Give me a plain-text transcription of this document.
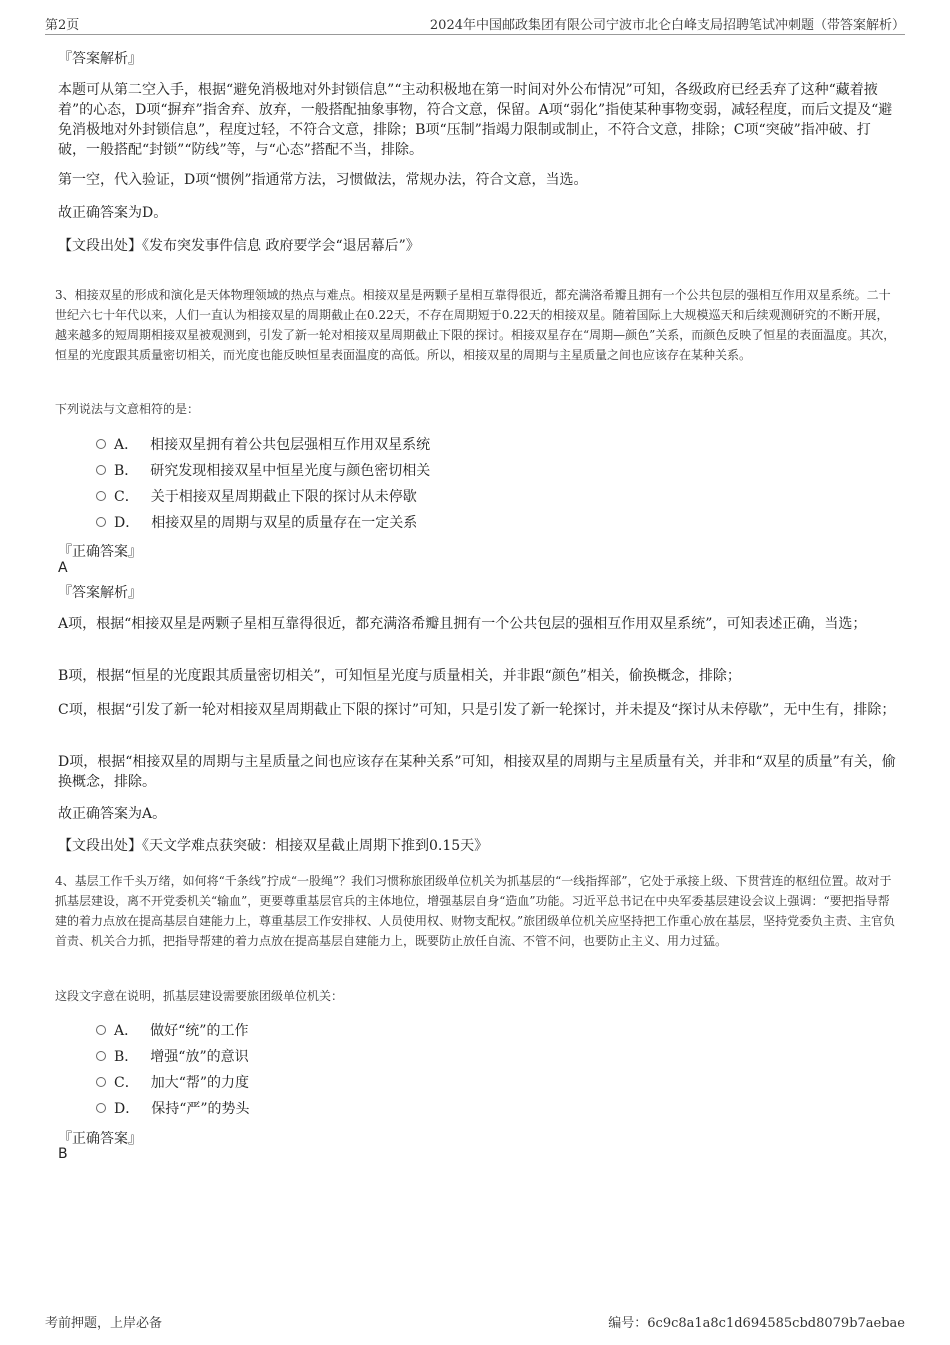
第2页	2024年中国邮政集团有限公司宁波市北仑白峰支局招聘笔试冲刺题（带答案解析）
『答案解析』
本题可从第二空入手，根据“避免消极地对外封锁信息”“主动积极地在第一时间对外公布情况”可知，各级政府已经丢弃了这种“藏着掖着”的心态，D项“摒弃”指舍弃、放弃，一般搭配抽象事物，符合文意，保留。A项“弱化”指使某种事物变弱，减轻程度，而后文提及“避免消极地对外封锁信息”，程度过轻，不符合文意，排除；B项“压制”指竭力限制或制止，不符合文意，排除；C项“突破”指冲破、打破，一般搭配“封锁”“防线”等，与“心态”搭配不当，排除。
第一空，代入验证，D项“惯例”指通常方法，习惯做法，常规办法，符合文意，当选。
故正确答案为D。
【文段出处】《发布突发事件信息 政府要学会“退居幕后”》
3、相接双星的形成和演化是天体物理领域的热点与难点。相接双星是两颗子星相互靠得很近，都充满洛希瓣且拥有一个公共包层的强相互作用双星系统。二十世纪六七十年代以来，人们一直认为相接双星的周期截止在0.22天，不存在周期短于0.22天的相接双星。随着国际上大规模巡天和后续观测研究的不断开展，越来越多的短周期相接双星被观测到，引发了新一轮对相接双星周期截止下限的探讨。相接双星存在“周期—颜色”关系，而颜色反映了恒星的表面温度。其次，恒星的光度跟其质量密切相关，而光度也能反映恒星表面温度的高低。所以，相接双星的周期与主星质量之间也应该存在某种关系。
下列说法与文意相符的是：
A． 相接双星拥有着公共包层强相互作用双星系统
B． 研究发现相接双星中恒星光度与颜色密切相关
C． 关于相接双星周期截止下限的探讨从未停歇
D． 相接双星的周期与双星的质量存在一定关系
『正确答案』
A
『答案解析』
A项，根据“相接双星是两颗子星相互靠得很近，都充满洛希瓣且拥有一个公共包层的强相互作用双星系统”，可知表述正确，当选；
B项，根据“恒星的光度跟其质量密切相关”，可知恒星光度与质量相关，并非跟“颜色”相关，偷换概念，排除；
C项，根据“引发了新一轮对相接双星周期截止下限的探讨”可知，只是引发了新一轮探讨，并未提及“探讨从未停歇”，无中生有，排除；
D项，根据“相接双星的周期与主星质量之间也应该存在某种关系”可知，相接双星的周期与主星质量有关，并非和“双星的质量”有关，偷换概念，排除。
故正确答案为A。
【文段出处】《天文学难点获突破：相接双星截止周期下推到0.15天》
4、基层工作千头万绪，如何将“千条线”拧成“一股绳”？我们习惯称旅团级单位机关为抓基层的“一线指挥部”，它处于承接上级、下贯营连的枢纽位置。故对于抓基层建设，离不开党委机关“输血”，更要尊重基层官兵的主体地位，增强基层自身“造血”功能。习近平总书记在中央军委基层建设会议上强调：“要把指导帮建的着力点放在提高基层自建能力上，尊重基层工作安排权、人员使用权、财物支配权。”旅团级单位机关应坚持把工作重心放在基层，坚持党委负主责、主官负首责、机关合力抓，把指导帮建的着力点放在提高基层自建能力上，既要防止放任自流、不管不问，也要防止主义、用力过猛。
这段文字意在说明，抓基层建设需要旅团级单位机关：
A． 做好“统”的工作
B． 增强“放”的意识
C． 加大“帮”的力度
D． 保持“严”的势头
『正确答案』
B
考前押题，上岸必备	编号：6c9c8a1a8c1d694585cbd8079b7aebae
